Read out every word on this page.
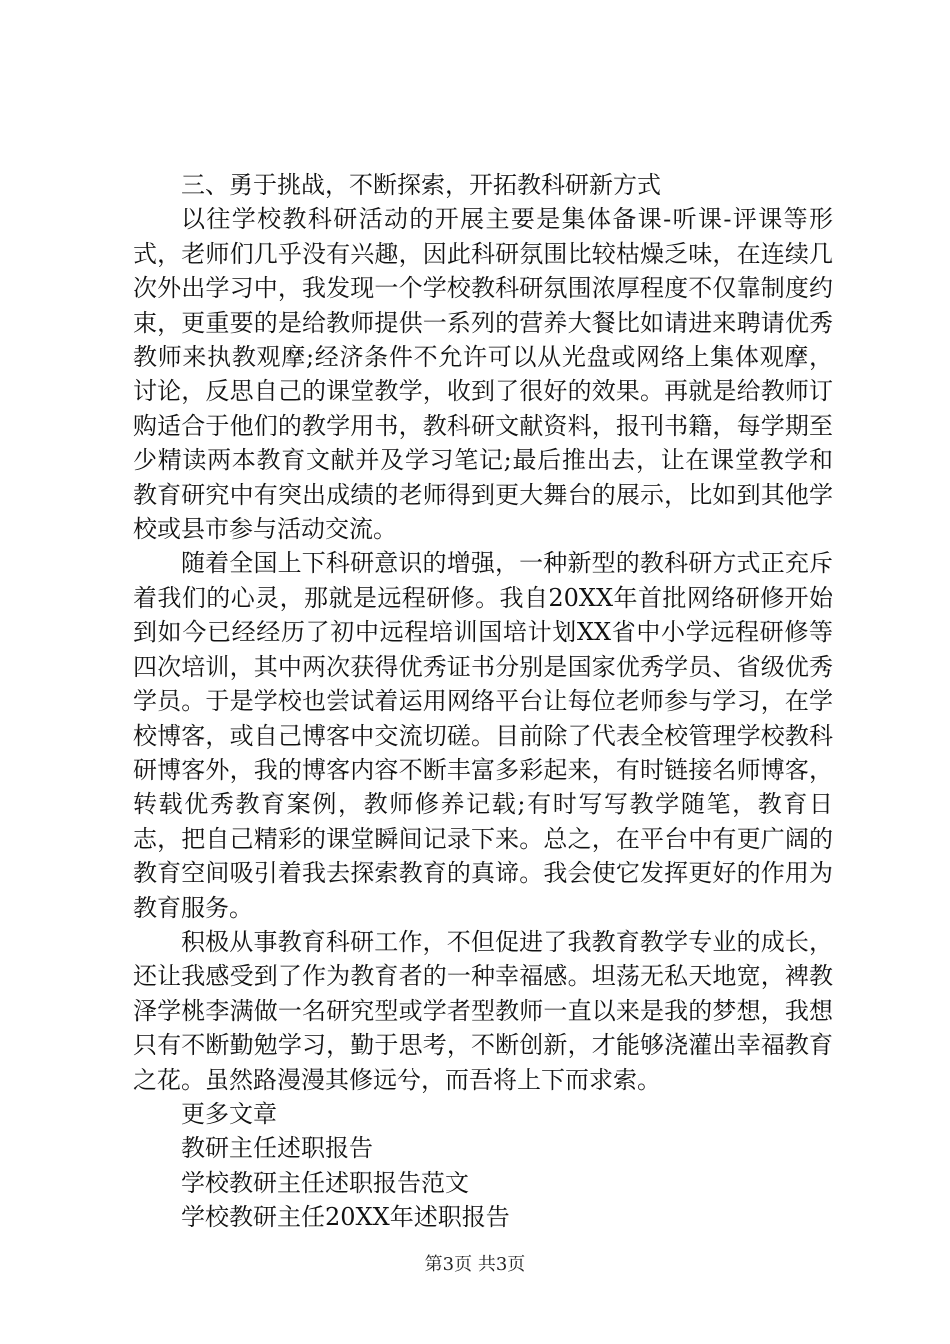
三、勇于挑战，不断探索，开拓教科研新方式

以往学校教科研活动的开展主要是集体备课-听课-评课等形式，老师们几乎没有兴趣，因此科研氛围比较枯燥乏味，在连续几次外出学习中，我发现一个学校教科研氛围浓厚程度不仅靠制度约束，更重要的是给教师提供一系列的营养大餐比如请进来聘请优秀教师来执教观摩;经济条件不允许可以从光盘或网络上集体观摩，讨论，反思自己的课堂教学，收到了很好的效果。再就是给教师订购适合于他们的教学用书，教科研文献资料，报刊书籍，每学期至少精读两本教育文献并及学习笔记;最后推出去，让在课堂教学和教育研究中有突出成绩的老师得到更大舞台的展示，比如到其他学校或县市参与活动交流。

随着全国上下科研意识的增强，一种新型的教科研方式正充斥着我们的心灵，那就是远程研修。我自20XX年首批网络研修开始到如今已经经历了初中远程培训国培计划XX省中小学远程研修等四次培训，其中两次获得优秀证书分别是国家优秀学员、省级优秀学员。于是学校也尝试着运用网络平台让每位老师参与学习，在学校博客，或自己博客中交流切磋。目前除了代表全校管理学校教科研博客外，我的博客内容不断丰富多彩起来，有时链接名师博客，转载优秀教育案例，教师修养记载;有时写写教学随笔，教育日志，把自己精彩的课堂瞬间记录下来。总之，在平台中有更广阔的教育空间吸引着我去探索教育的真谛。我会使它发挥更好的作用为教育服务。

积极从事教育科研工作，不但促进了我教育教学专业的成长，还让我感受到了作为教育者的一种幸福感。坦荡无私天地宽，裨教泽学桃李满做一名研究型或学者型教师一直以来是我的梦想，我想只有不断勤勉学习，勤于思考，不断创新，才能够浇灌出幸福教育之花。虽然路漫漫其修远兮，而吾将上下而求索。

更多文章

教研主任述职报告
学校教研主任述职报告范文
学校教研主任20XX年述职报告
第3页 共3页
